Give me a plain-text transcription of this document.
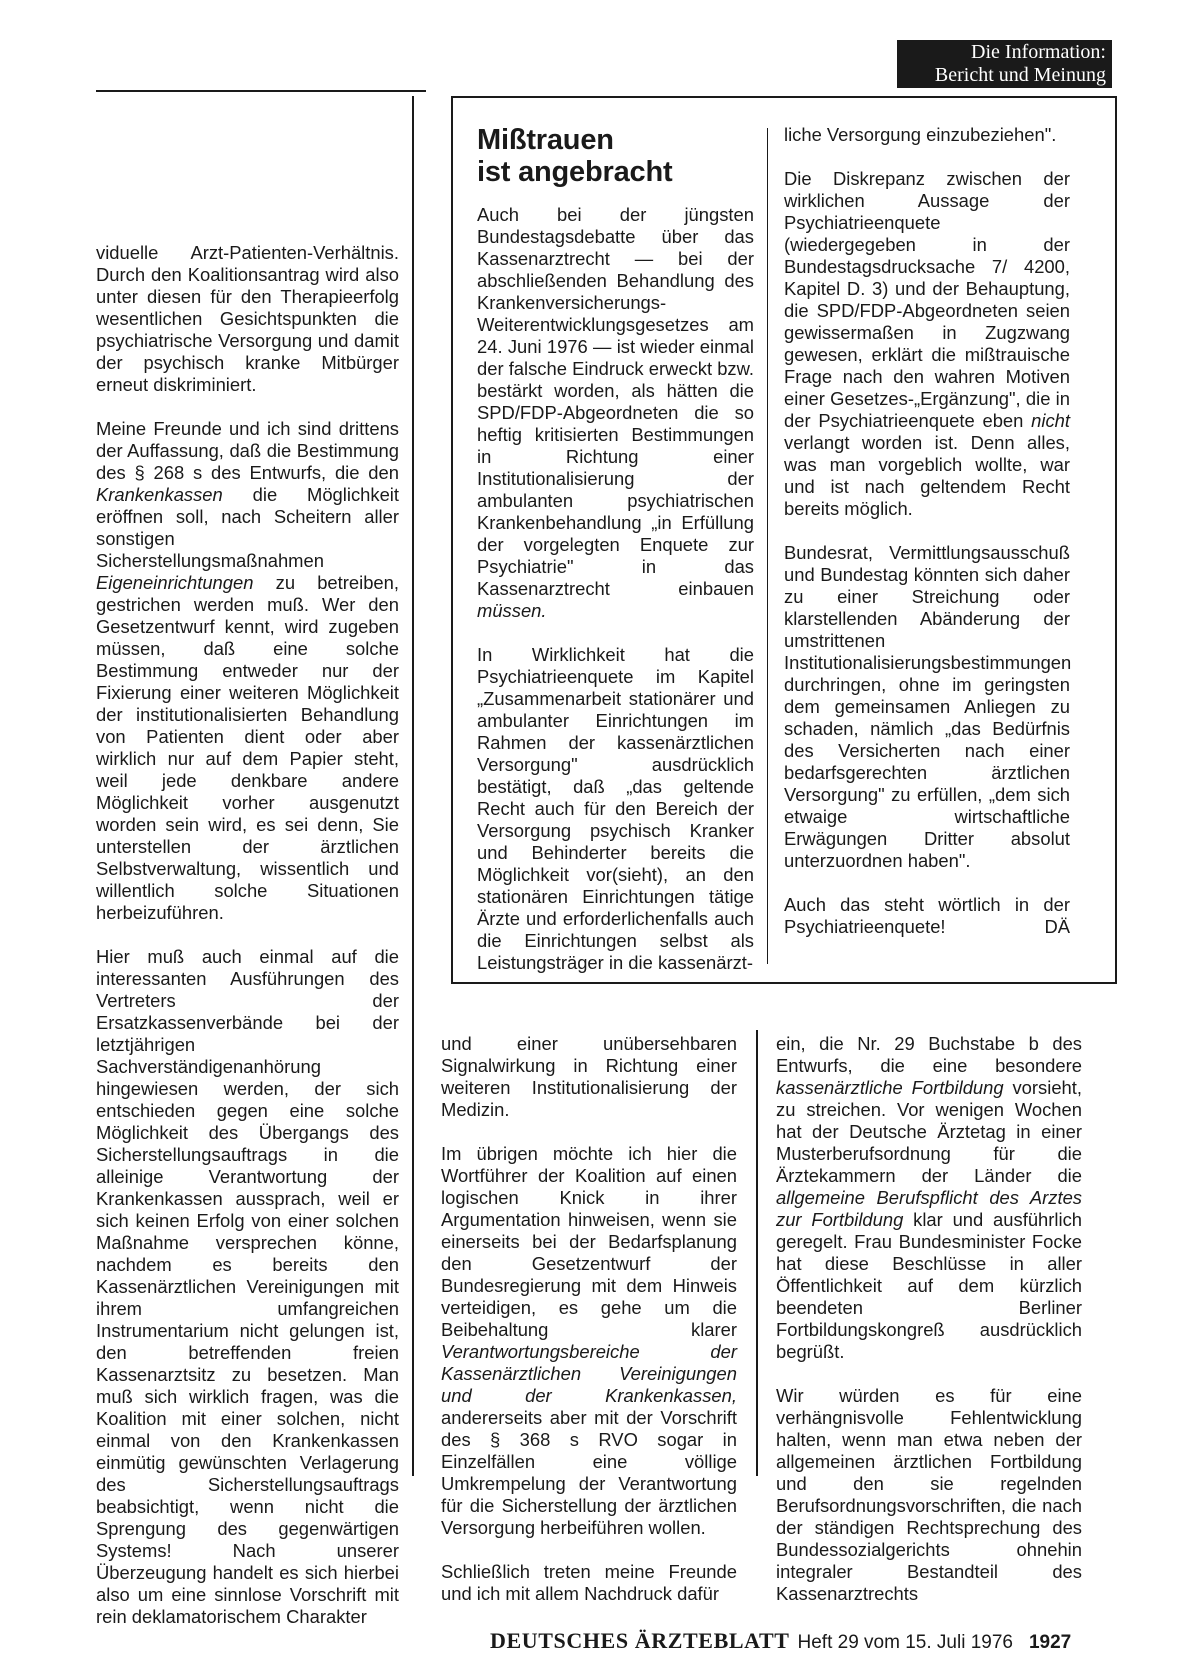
Die Information:
Bericht und Meinung

viduelle Arzt-Patienten-Verhältnis. Durch den Koalitionsantrag wird also unter diesen für den Therapieerfolg wesentlichen Gesichtspunkten die psychiatrische Versorgung und damit der psychisch kranke Mitbürger erneut diskriminiert.

Meine Freunde und ich sind drittens der Auffassung, daß die Bestimmung des § 268 s des Entwurfs, die den Krankenkassen die Möglichkeit eröffnen soll, nach Scheitern aller sonstigen Sicherstellungsmaßnahmen Eigeneinrichtungen zu betreiben, gestrichen werden muß. Wer den Gesetzentwurf kennt, wird zugeben müssen, daß eine solche Bestimmung entweder nur der Fixierung einer weiteren Möglichkeit der institutionalisierten Behandlung von Patienten dient oder aber wirklich nur auf dem Papier steht, weil jede denkbare andere Möglichkeit vorher ausgenutzt worden sein wird, es sei denn, Sie unterstellen der ärztlichen Selbstverwaltung, wissentlich und willentlich solche Situationen herbeizuführen.

Hier muß auch einmal auf die interessanten Ausführungen des Vertreters der Ersatzkassenverbände bei der letztjährigen Sachverständigenanhörung hingewiesen werden, der sich entschieden gegen eine solche Möglichkeit des Übergangs des Sicherstellungsauftrags in die alleinige Verantwortung der Krankenkassen aussprach, weil er sich keinen Erfolg von einer solchen Maßnahme versprechen könne, nachdem es bereits den Kassenärztlichen Vereinigungen mit ihrem umfangreichen Instrumentarium nicht gelungen ist, den betreffenden freien Kassenarztsitz zu besetzen. Man muß sich wirklich fragen, was die Koalition mit einer solchen, nicht einmal von den Krankenkassen einmütig gewünschten Verlagerung des Sicherstellungsauftrags beabsichtigt, wenn nicht die Sprengung des gegenwärtigen Systems! Nach unserer Überzeugung handelt es sich hierbei also um eine sinnlose Vorschrift mit rein deklamatorischem Charakter

Mißtrauen
ist angebracht

Auch bei der jüngsten Bundestagsdebatte über das Kassenarztrecht — bei der abschließenden Behandlung des Krankenversicherungs-Weiterentwicklungsgesetzes am 24. Juni 1976 — ist wieder einmal der falsche Eindruck erweckt bzw. bestärkt worden, als hätten die SPD/FDP-Abgeordneten die so heftig kritisierten Bestimmungen in Richtung einer Institutionalisierung der ambulanten psychiatrischen Krankenbehandlung „in Erfüllung der vorgelegten Enquete zur Psychiatrie" in das Kassenarztrecht einbauen müssen.

In Wirklichkeit hat die Psychiatrieenquete im Kapitel „Zusammenarbeit stationärer und ambulanter Einrichtungen im Rahmen der kassenärztlichen Versorgung" ausdrücklich bestätigt, daß „das geltende Recht auch für den Bereich der Versorgung psychisch Kranker und Behinderter bereits die Möglichkeit vor(sieht), an den stationären Einrichtungen tätige Ärzte und erforderlichenfalls auch die Einrichtungen selbst als Leistungsträger in die kassenärzt-

liche Versorgung einzubeziehen".

Die Diskrepanz zwischen der wirklichen Aussage der Psychiatrieenquete (wiedergegeben in der Bundestagsdrucksache 7/ 4200, Kapitel D. 3) und der Behauptung, die SPD/FDP-Abgeordneten seien gewissermaßen in Zugzwang gewesen, erklärt die mißtrauische Frage nach den wahren Motiven einer Gesetzes-„Ergänzung", die in der Psychiatrieenquete eben nicht verlangt worden ist. Denn alles, was man vorgeblich wollte, war und ist nach geltendem Recht bereits möglich.

Bundesrat, Vermittlungsausschuß und Bundestag könnten sich daher zu einer Streichung oder klarstellenden Abänderung der umstrittenen Institutionalisierungsbestimmungen durchringen, ohne im geringsten dem gemeinsamen Anliegen zu schaden, nämlich „das Bedürfnis des Versicherten nach einer bedarfsgerechten ärztlichen Versorgung" zu erfüllen, „dem sich etwaige wirtschaftliche Erwägungen Dritter absolut unterzuordnen haben".

Auch das steht wörtlich in der Psychiatrieenquete!	DÄ

und einer unübersehbaren Signalwirkung in Richtung einer weiteren Institutionalisierung der Medizin.

Im übrigen möchte ich hier die Wortführer der Koalition auf einen logischen Knick in ihrer Argumentation hinweisen, wenn sie einerseits bei der Bedarfsplanung den Gesetzentwurf der Bundesregierung mit dem Hinweis verteidigen, es gehe um die Beibehaltung klarer Verantwortungsbereiche der Kassenärztlichen Vereinigungen und der Krankenkassen, andererseits aber mit der Vorschrift des § 368 s RVO sogar in Einzelfällen eine völlige Umkrempelung der Verantwortung für die Sicherstellung der ärztlichen Versorgung herbeiführen wollen.

Schließlich treten meine Freunde und ich mit allem Nachdruck dafür

ein, die Nr. 29 Buchstabe b des Entwurfs, die eine besondere kassenärztliche Fortbildung vorsieht, zu streichen. Vor wenigen Wochen hat der Deutsche Ärztetag in einer Musterberufsordnung für die Ärztekammern der Länder die allgemeine Berufspflicht des Arztes zur Fortbildung klar und ausführlich geregelt. Frau Bundesminister Focke hat diese Beschlüsse in aller Öffentlichkeit auf dem kürzlich beendeten Berliner Fortbildungskongreß ausdrücklich begrüßt.

Wir würden es für eine verhängnisvolle Fehlentwicklung halten, wenn man etwa neben der allgemeinen ärztlichen Fortbildung und den sie regelnden Berufsordnungsvorschriften, die nach der ständigen Rechtsprechung des Bundessozialgerichts ohnehin integraler Bestandteil des Kassenarztrechts

DEUTSCHES ÄRZTEBLATT Heft 29 vom 15. Juli 1976 1927
